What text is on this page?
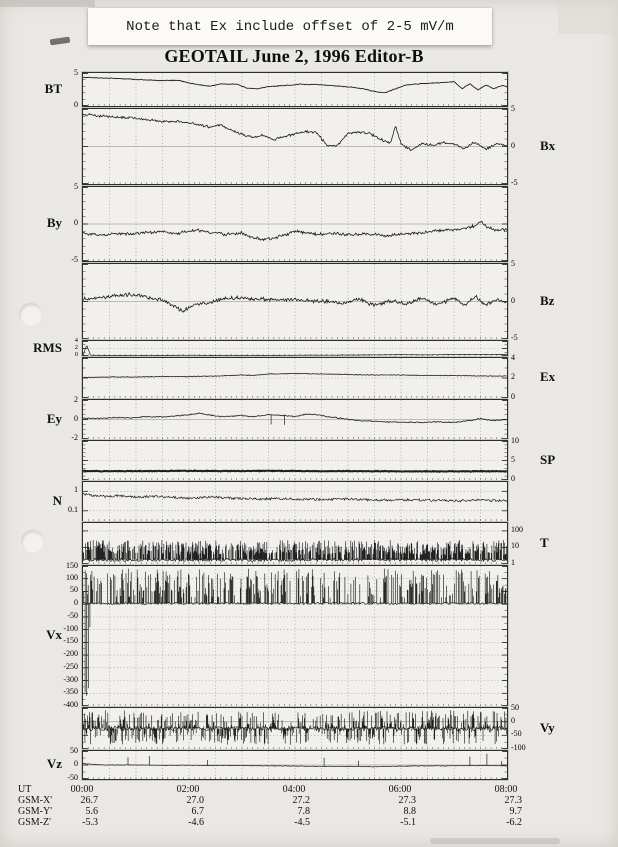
Note that Ex include offset of 2-5 mV/m
GEOTAIL June 2, 1996 Editor-B
BT
5
0
Bx
5
0
-5
By
5
0
-5
Bz
5
0
-5
RMS	4
2
0
Ex
4
2
0
Ey
2
0
-2
SP
10
5
0
N
1
0.1
T
100
10
1
Vx
150
100
50
0
-50
-100
-150
-200
-250
-300
-350
-400
Vy
50
0
-50
-100
Vz
50
0
-50
UT	00:00	02:00	04:00	06:00	08:00
GSM-X'	26.7	27.0	27.2	27.3	27.3
GSM-Y'	5.6	6.7	7.8	8.8	9.7
GSM-Z'	-5.3	-4.6	-4.5	-5.1	-6.2
